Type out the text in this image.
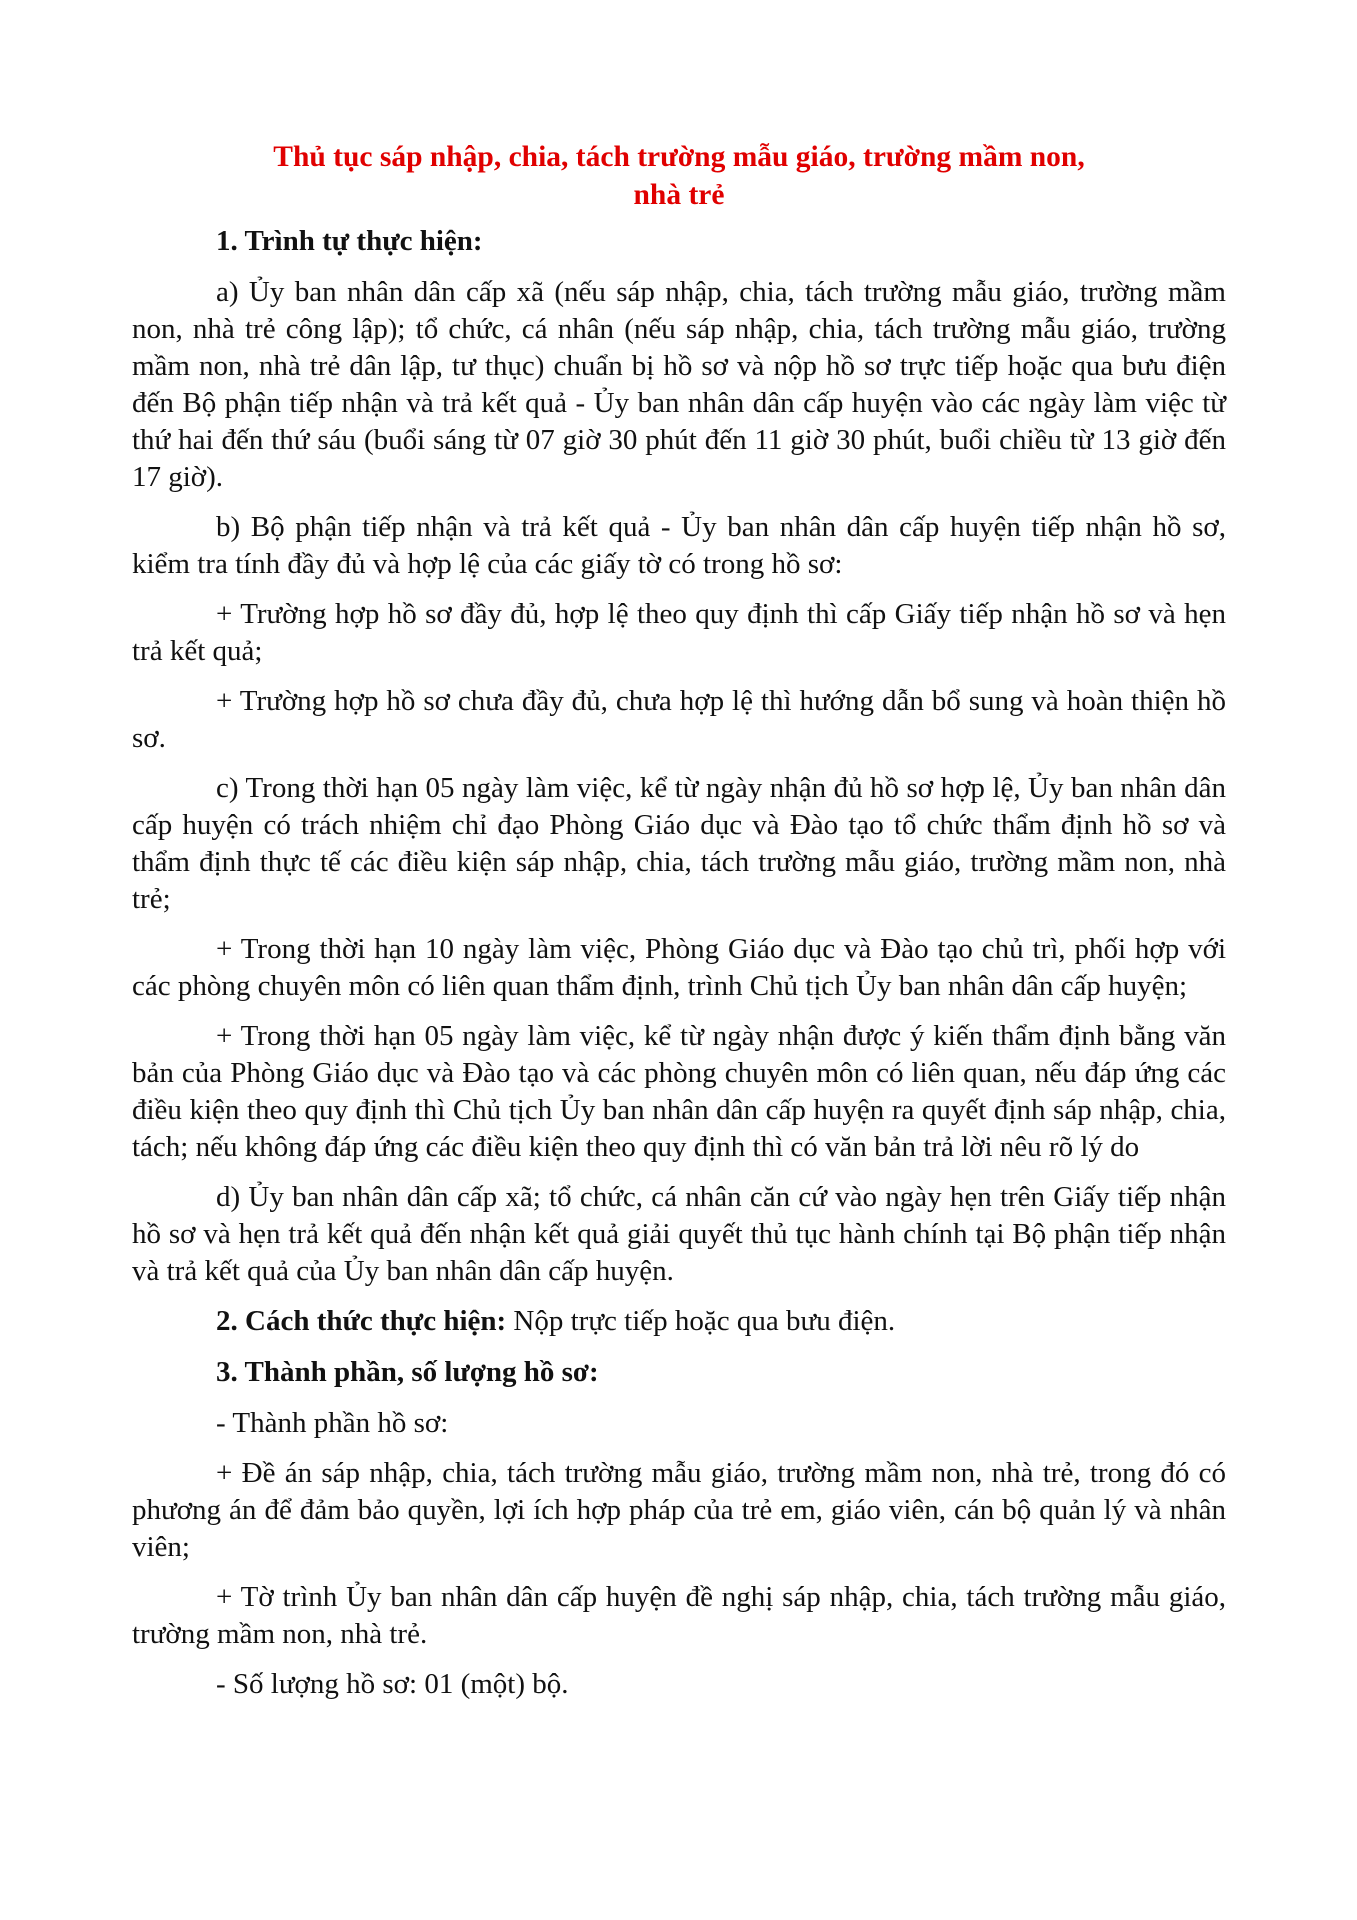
Thủ tục sáp nhập, chia, tách trường mẫu giáo, trường mầm non,
nhà trẻ

1. Trình tự thực hiện:

a) Ủy ban nhân dân cấp xã (nếu sáp nhập, chia, tách trường mẫu giáo, trường mầm non, nhà trẻ công lập); tổ chức, cá nhân (nếu sáp nhập, chia, tách trường mẫu giáo, trường mầm non, nhà trẻ dân lập, tư thục) chuẩn bị hồ sơ và nộp hồ sơ trực tiếp hoặc qua bưu điện đến Bộ phận tiếp nhận và trả kết quả - Ủy ban nhân dân cấp huyện vào các ngày làm việc từ thứ hai đến thứ sáu (buổi sáng từ 07 giờ 30 phút đến 11 giờ 30 phút, buổi chiều từ 13 giờ đến 17 giờ).

b) Bộ phận tiếp nhận và trả kết quả - Ủy ban nhân dân cấp huyện tiếp nhận hồ sơ, kiểm tra tính đầy đủ và hợp lệ của các giấy tờ có trong hồ sơ:

+ Trường hợp hồ sơ đầy đủ, hợp lệ theo quy định thì cấp Giấy tiếp nhận hồ sơ và hẹn trả kết quả;

+ Trường hợp hồ sơ chưa đầy đủ, chưa hợp lệ thì hướng dẫn bổ sung và hoàn thiện hồ sơ.

c) Trong thời hạn 05 ngày làm việc, kể từ ngày nhận đủ hồ sơ hợp lệ, Ủy ban nhân dân cấp huyện có trách nhiệm chỉ đạo Phòng Giáo dục và Đào tạo tổ chức thẩm định hồ sơ và thẩm định thực tế các điều kiện sáp nhập, chia, tách trường mẫu giáo, trường mầm non, nhà trẻ;

+ Trong thời hạn 10 ngày làm việc, Phòng Giáo dục và Đào tạo chủ trì, phối hợp với các phòng chuyên môn có liên quan thẩm định, trình Chủ tịch Ủy ban nhân dân cấp huyện;

+ Trong thời hạn 05 ngày làm việc, kể từ ngày nhận được ý kiến thẩm định bằng văn bản của Phòng Giáo dục và Đào tạo và các phòng chuyên môn có liên quan, nếu đáp ứng các điều kiện theo quy định thì Chủ tịch Ủy ban nhân dân cấp huyện ra quyết định sáp nhập, chia, tách; nếu không đáp ứng các điều kiện theo quy định thì có văn bản trả lời nêu rõ lý do

d) Ủy ban nhân dân cấp xã; tổ chức, cá nhân căn cứ vào ngày hẹn trên Giấy tiếp nhận hồ sơ và hẹn trả kết quả đến nhận kết quả giải quyết thủ tục hành chính tại Bộ phận tiếp nhận và trả kết quả của Ủy ban nhân dân cấp huyện.

2. Cách thức thực hiện: Nộp trực tiếp hoặc qua bưu điện.

3. Thành phần, số lượng hồ sơ:

- Thành phần hồ sơ:

+ Đề án sáp nhập, chia, tách trường mẫu giáo, trường mầm non, nhà trẻ, trong đó có phương án để đảm bảo quyền, lợi ích hợp pháp của trẻ em, giáo viên, cán bộ quản lý và nhân viên;

+ Tờ trình Ủy ban nhân dân cấp huyện đề nghị sáp nhập, chia, tách trường mẫu giáo, trường mầm non, nhà trẻ.

- Số lượng hồ sơ: 01 (một) bộ.
